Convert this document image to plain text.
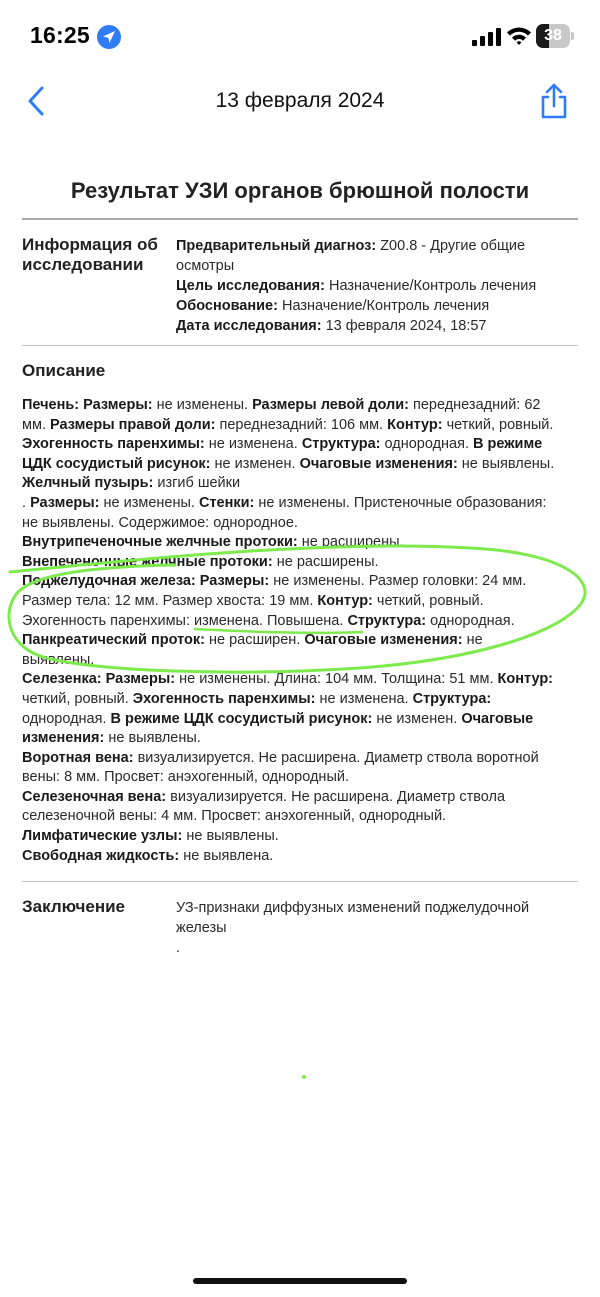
16:25	38
13 февраля 2024
Результат УЗИ органов брюшной полости
Информация об
исследовании
Предварительный диагноз: Z00.8 - Другие общие
осмотры
Цель исследования: Назначение/Контроль лечения
Обоснование: Назначение/Контроль лечения
Дата исследования: 13 февраля 2024, 18:57
Описание
Печень: Размеры: не изменены. Размеры левой доли: переднезадний: 62
мм. Размеры правой доли: переднезадний: 106 мм. Контур: четкий, ровный.
Эхогенность паренхимы: не изменена. Структура: однородная. В режиме
ЦДК сосудистый рисунок: не изменен. Очаговые изменения: не выявлены.
Желчный пузырь: изгиб шейки
. Размеры: не изменены. Стенки: не изменены. Пристеночные образования:
не выявлены. Содержимое: однородное.
Внутрипеченочные желчные протоки: не расширены.
Внепеченочные желчные протоки: не расширены.
Поджелудочная железа: Размеры: не изменены. Размер головки: 24 мм.
Размер тела: 12 мм. Размер хвоста: 19 мм. Контур: четкий, ровный.
Эхогенность паренхимы: изменена. Повышена. Структура: однородная.
Панкреатический проток: не расширен. Очаговые изменения: не
выявлены.
Селезенка: Размеры: не изменены. Длина: 104 мм. Толщина: 51 мм. Контур:
четкий, ровный. Эхогенность паренхимы: не изменена. Структура:
однородная. В режиме ЦДК сосудистый рисунок: не изменен. Очаговые
изменения: не выявлены.
Воротная вена: визуализируется. Не расширена. Диаметр ствола воротной
вены: 8 мм. Просвет: анэхогенный, однородный.
Селезеночная вена: визуализируется. Не расширена. Диаметр ствола
селезеночной вены: 4 мм. Просвет: анэхогенный, однородный.
Лимфатические узлы: не выявлены.
Свободная жидкость: не выявлена.
Заключение	УЗ-признаки диффузных изменений поджелудочной
железы
.
